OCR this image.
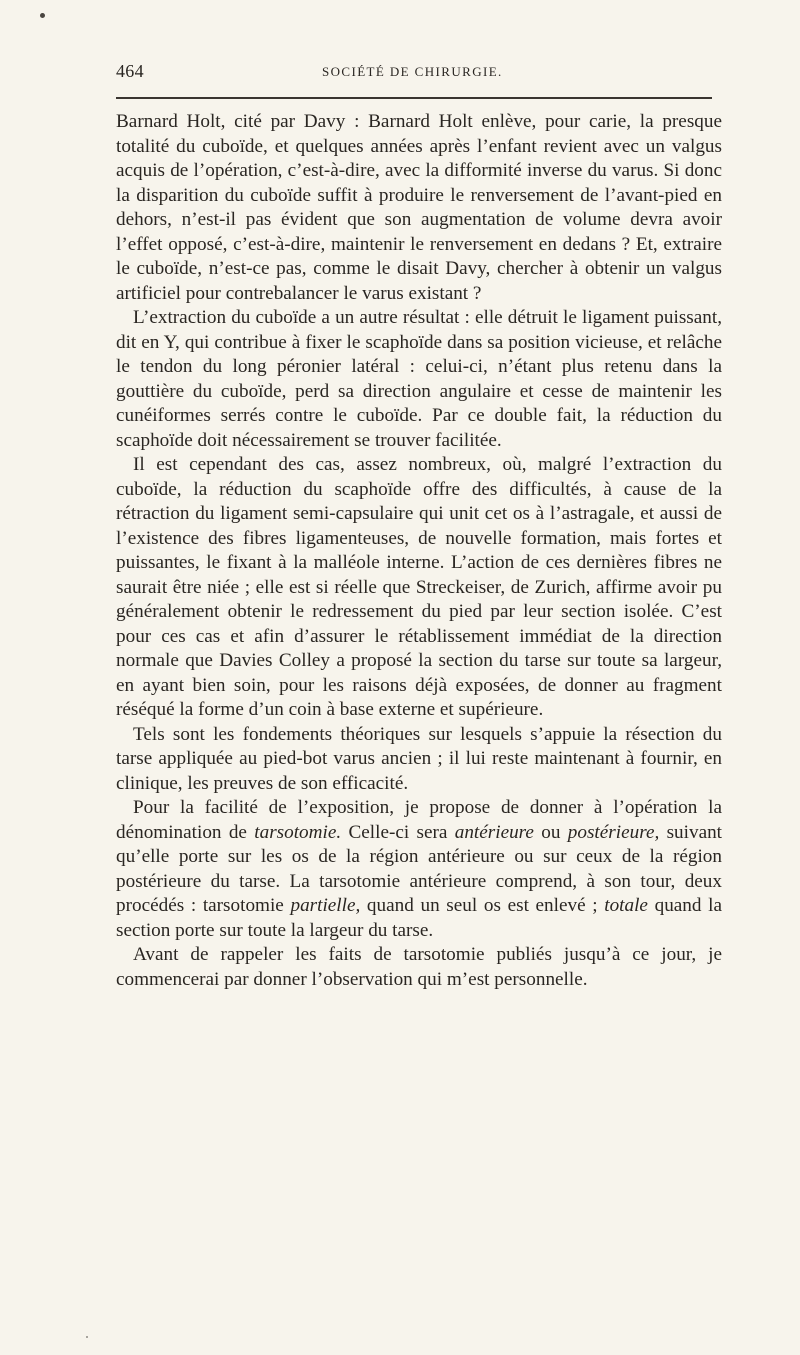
464	SOCIÉTÉ DE CHIRURGIE.

Barnard Holt, cité par Davy : Barnard Holt enlève, pour carie, la presque totalité du cuboïde, et quelques années après l’enfant revient avec un valgus acquis de l’opération, c’est-à-dire, avec la difformité inverse du varus. Si donc la disparition du cuboïde suffit à produire le renversement de l’avant-pied en dehors, n’est-il pas évident que son augmentation de volume devra avoir l’effet opposé, c’est-à-dire, maintenir le renversement en dedans ? Et, extraire le cuboïde, n’est-ce pas, comme le disait Davy, chercher à obtenir un valgus artificiel pour contrebalancer le varus existant ?

L’extraction du cuboïde a un autre résultat : elle détruit le ligament puissant, dit en Y, qui contribue à fixer le scaphoïde dans sa position vicieuse, et relâche le tendon du long péronier latéral : celui-ci, n’étant plus retenu dans la gouttière du cuboïde, perd sa direction angulaire et cesse de maintenir les cunéiformes serrés contre le cuboïde. Par ce double fait, la réduction du scaphoïde doit nécessairement se trouver facilitée.

Il est cependant des cas, assez nombreux, où, malgré l’extraction du cuboïde, la réduction du scaphoïde offre des difficultés, à cause de la rétraction du ligament semi-capsulaire qui unit cet os à l’astragale, et aussi de l’existence des fibres ligamenteuses, de nouvelle formation, mais fortes et puissantes, le fixant à la malléole interne. L’action de ces dernières fibres ne saurait être niée ; elle est si réelle que Streckeiser, de Zurich, affirme avoir pu généralement obtenir le redressement du pied par leur section isolée. C’est pour ces cas et afin d’assurer le rétablissement immédiat de la direction normale que Davies Colley a proposé la section du tarse sur toute sa largeur, en ayant bien soin, pour les raisons déjà exposées, de donner au fragment réséqué la forme d’un coin à base externe et supérieure.

Tels sont les fondements théoriques sur lesquels s’appuie la résection du tarse appliquée au pied-bot varus ancien ; il lui reste maintenant à fournir, en clinique, les preuves de son efficacité.

Pour la facilité de l’exposition, je propose de donner à l’opération la dénomination de tarsotomie. Celle-ci sera antérieure ou postérieure, suivant qu’elle porte sur les os de la région antérieure ou sur ceux de la région postérieure du tarse. La tarsotomie antérieure comprend, à son tour, deux procédés : tarsotomie partielle, quand un seul os est enlevé ; totale quand la section porte sur toute la largeur du tarse.

Avant de rappeler les faits de tarsotomie publiés jusqu’à ce jour, je commencerai par donner l’observation qui m’est personnelle.
